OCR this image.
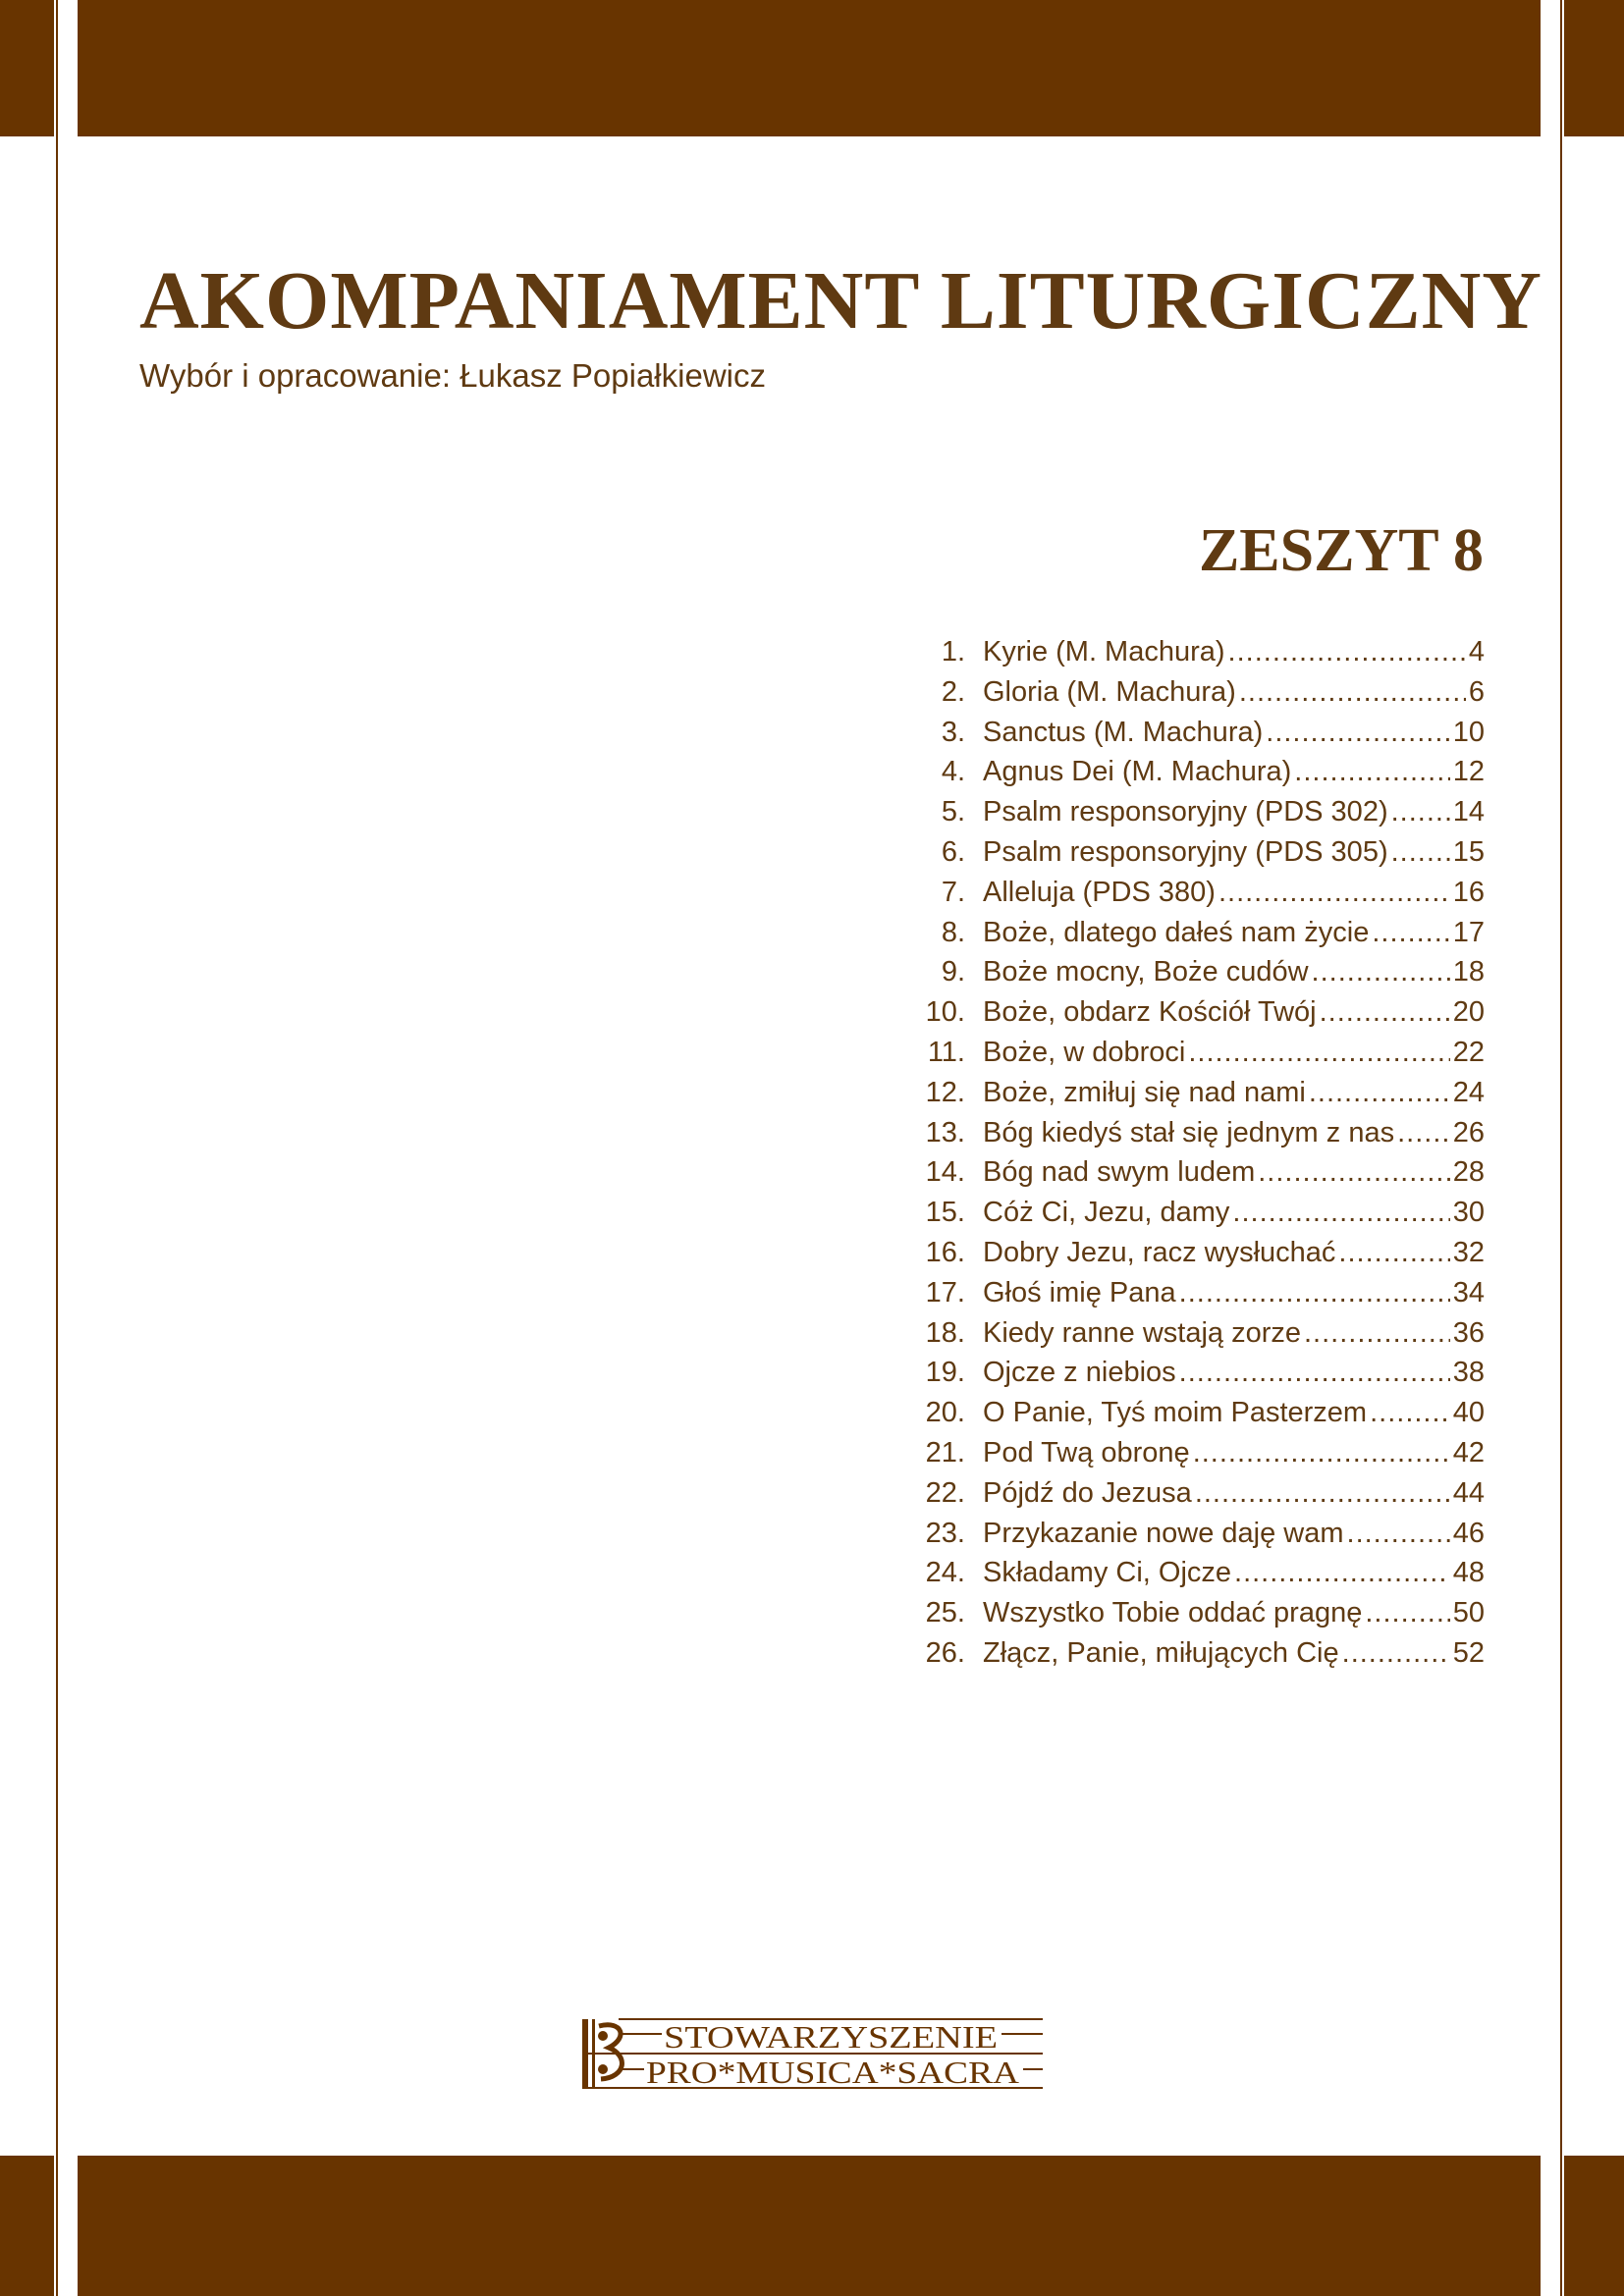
AKOMPANIAMENT LITURGICZNY

Wybór i opracowanie: Łukasz Popiałkiewicz

ZESZYT 8
1. Kyrie (M. Machura) .....	4
2. Gloria (M. Machura) .....	6
3. Sanctus (M. Machura) .....	10
4. Agnus Dei (M. Machura) .....	12
5. Psalm responsoryjny (PDS 302) ..... 14
6. Psalm responsoryjny (PDS 305) ..... 15
7. Alleluja (PDS 380) .....	16
8. Boże, dlatego dałeś nam życie .....	17
9. Boże mocny, Boże cudów .....	18
10. Boże, obdarz Kościół Twój .....	20
11. Boże, w dobroci .....	22
12. Boże, zmiłuj się nad nami .....	24
13. Bóg kiedyś stał się jednym z nas ..... 26
14. Bóg nad swym ludem .....	28
15. Cóż Ci, Jezu, damy .....	30
16. Dobry Jezu, racz wysłuchać .....	32
17. Głoś imię Pana .....	34
18. Kiedy ranne wstają zorze .....	36
19. Ojcze z niebios .....	38
20. O Panie, Tyś moim Pasterzem .....	40
21. Pod Twą obronę .....	42
22. Pójdź do Jezusa .....	44
23. Przykazanie nowe daję wam .....	46
24. Składamy Ci, Ojcze .....	48
25. Wszystko Tobie oddać pragnę .....	50
26. Złącz, Panie, miłujących Cię .....	52
STOWARZYSZENIE
PRO*MUSICA*SACRA
